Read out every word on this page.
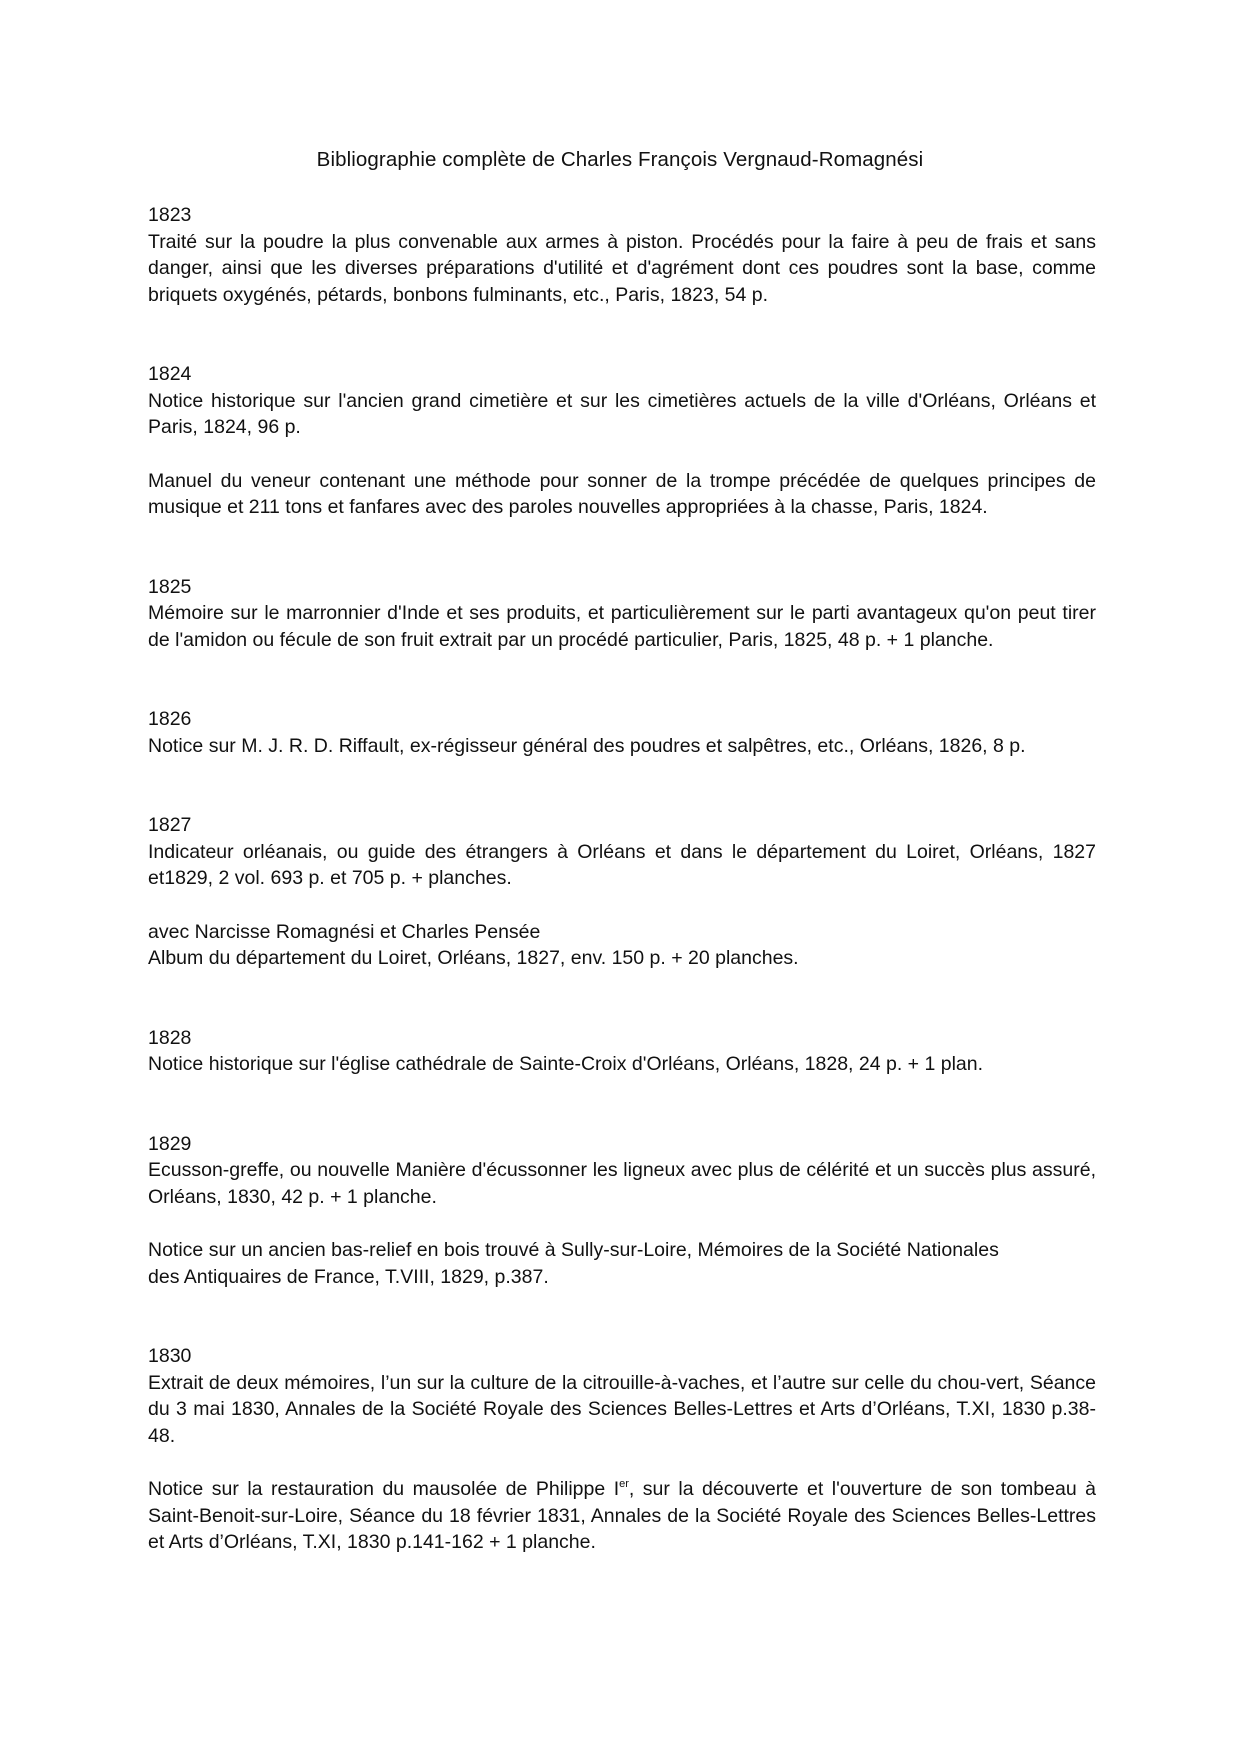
Bibliographie complète de Charles François Vergnaud-Romagnési
1823

Traité sur la poudre la plus convenable aux armes à piston. Procédés pour la faire à peu de frais et sans danger, ainsi que les diverses préparations d'utilité et d'agrément dont ces poudres sont la base, comme briquets oxygénés, pétards, bonbons fulminants, etc., Paris, 1823, 54 p.

1824

Notice historique sur l'ancien grand cimetière et sur les cimetières actuels de la ville d'Orléans, Orléans et Paris, 1824, 96 p.

Manuel du veneur contenant une méthode pour sonner de la trompe précédée de quelques principes de musique et 211 tons et fanfares avec des paroles nouvelles appropriées à la chasse, Paris, 1824.

1825

Mémoire sur le marronnier d'Inde et ses produits, et particulièrement sur le parti avantageux qu'on peut tirer de l'amidon ou fécule de son fruit extrait par un procédé particulier, Paris, 1825, 48 p. + 1 planche.

1826

Notice sur M. J. R. D. Riffault, ex-régisseur général des poudres et salpêtres, etc., Orléans, 1826, 8 p.

1827

Indicateur orléanais, ou guide des étrangers à Orléans et dans le département du Loiret, Orléans, 1827 et1829, 2 vol. 693 p. et 705 p. + planches.

avec Narcisse Romagnési et Charles Pensée

Album du département du Loiret, Orléans, 1827, env. 150 p. + 20 planches.

1828

Notice historique sur l'église cathédrale de Sainte-Croix d'Orléans, Orléans, 1828, 24 p. + 1 plan.

1829

Ecusson-greffe, ou nouvelle Manière d'écussonner les ligneux avec plus de célérité et un succès plus assuré, Orléans, 1830, 42 p. + 1 planche.

Notice sur un ancien bas-relief en bois trouvé à Sully-sur-Loire, Mémoires de la Société Nationales
des Antiquaires de France, T.VIII, 1829, p.387.

1830

Extrait de deux mémoires, l’un sur la culture de la citrouille-à-vaches, et l’autre sur celle du chou-vert, Séance du 3 mai 1830, Annales de la Société Royale des Sciences Belles-Lettres et Arts d’Orléans, T.XI, 1830 p.38-48.

Notice sur la restauration du mausolée de Philippe Ier, sur la découverte et l'ouverture de son tombeau à Saint-Benoit-sur-Loire, Séance du 18 février 1831, Annales de la Société Royale des Sciences Belles-Lettres et Arts d’Orléans, T.XI, 1830 p.141-162 + 1 planche.
